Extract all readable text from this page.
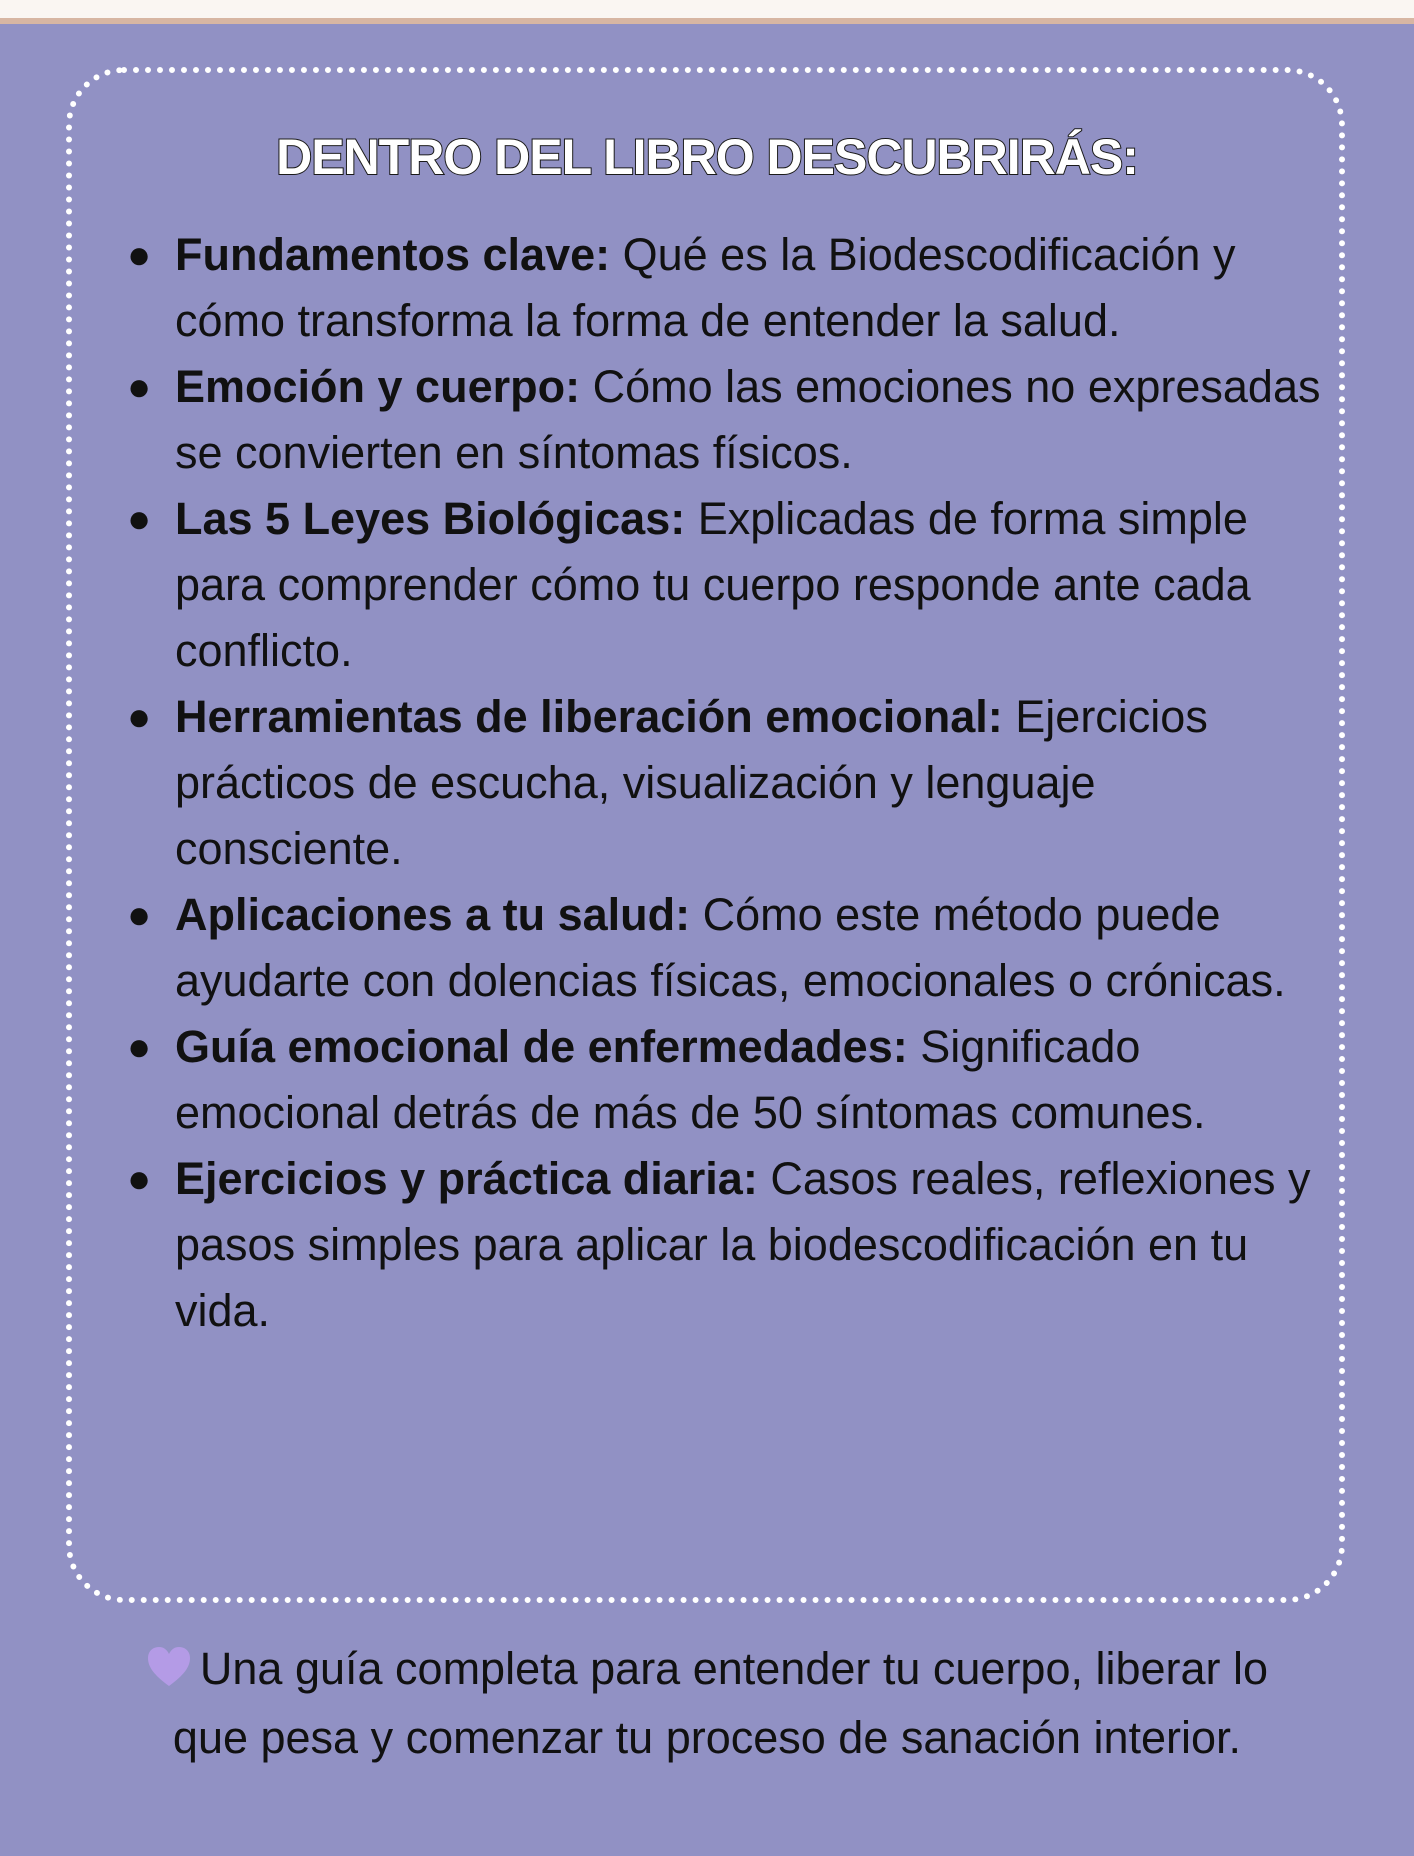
DENTRO DEL LIBRO DESCUBRIRÁS:
● Fundamentos clave: Qué es la Biodescodificación y cómo transforma la forma de entender la salud.
● Emoción y cuerpo: Cómo las emociones no expresadas se convierten en síntomas físicos.
● Las 5 Leyes Biológicas: Explicadas de forma simple para comprender cómo tu cuerpo responde ante cada conflicto.
● Herramientas de liberación emocional: Ejercicios prácticos de escucha, visualización y lenguaje consciente.
● Aplicaciones a tu salud: Cómo este método puede ayudarte con dolencias físicas, emocionales o crónicas.
● Guía emocional de enfermedades: Significado emocional detrás de más de 50 síntomas comunes.
● Ejercicios y práctica diaria: Casos reales, reflexiones y pasos simples para aplicar la biodescodificación en tu vida.

Una guía completa para entender tu cuerpo, liberar lo que pesa y comenzar tu proceso de sanación interior.
